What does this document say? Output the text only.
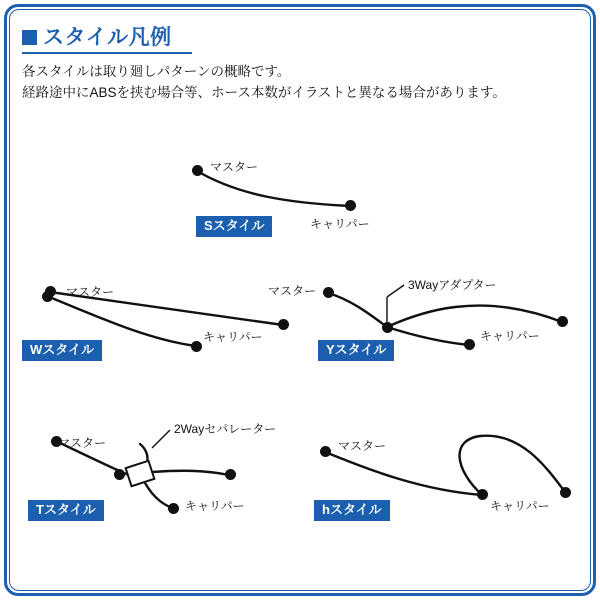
スタイル凡例
各スタイルは取り廻しパターンの概略です。
経路途中にABSを挟む場合等、ホース本数がイラストと異なる場合があります。
マスター
キャリパー
Sスタイル
マスター
キャリパー
Wスタイル
マスター	3Wayアダプター
キャリパー
Yスタイル
マスター
2Wayセパレーター
キャリパー
Tスタイル
マスター
キャリパー
hスタイル
